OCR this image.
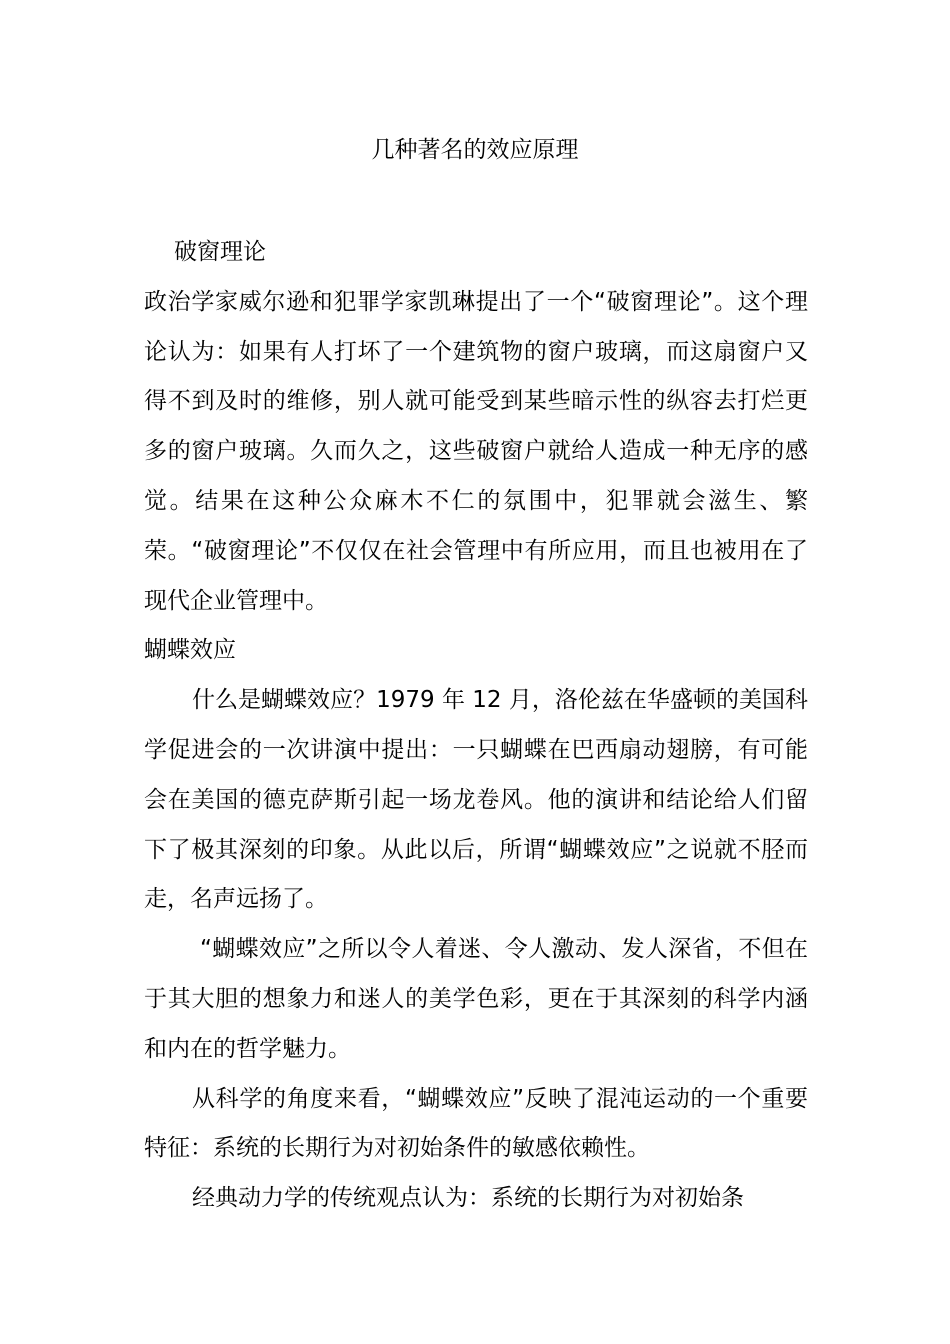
几种著名的效应原理

破窗理论

政治学家威尔逊和犯罪学家凯琳提出了一个“破窗理论”。这个理论认为：如果有人打坏了一个建筑物的窗户玻璃，而这扇窗户又得不到及时的维修，别人就可能受到某些暗示性的纵容去打烂更多的窗户玻璃。久而久之，这些破窗户就给人造成一种无序的感觉。结果在这种公众麻木不仁的氛围中，犯罪就会滋生、繁荣。“破窗理论”不仅仅在社会管理中有所应用，而且也被用在了现代企业管理中。

蝴蝶效应

什么是蝴蝶效应？1979 年 12 月，洛伦兹在华盛顿的美国科学促进会的一次讲演中提出：一只蝴蝶在巴西扇动翅膀，有可能会在美国的德克萨斯引起一场龙卷风。他的演讲和结论给人们留下了极其深刻的印象。从此以后，所谓“蝴蝶效应”之说就不胫而走，名声远扬了。

“蝴蝶效应”之所以令人着迷、令人激动、发人深省，不但在于其大胆的想象力和迷人的美学色彩，更在于其深刻的科学内涵和内在的哲学魅力。

从科学的角度来看，“蝴蝶效应”反映了混沌运动的一个重要特征：系统的长期行为对初始条件的敏感依赖性。

经典动力学的传统观点认为：系统的长期行为对初始条
